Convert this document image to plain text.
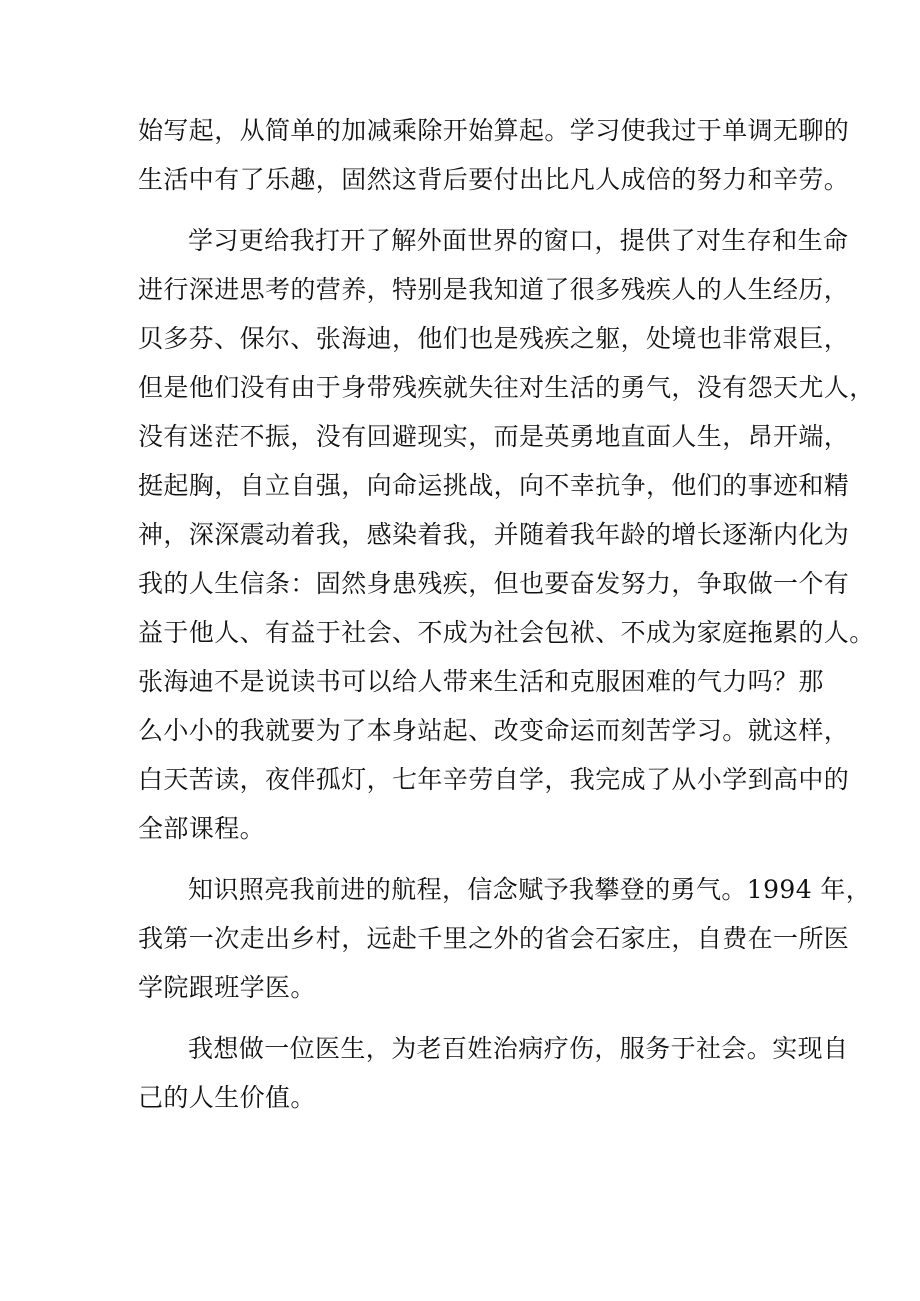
始写起，从简单的加减乘除开始算起。学习使我过于单调无聊的
生活中有了乐趣，固然这背后要付出比凡人成倍的努力和辛劳。
学习更给我打开了解外面世界的窗口，提供了对生存和生命
进行深进思考的营养，特别是我知道了很多残疾人的人生经历，
贝多芬、保尔、张海迪，他们也是残疾之躯，处境也非常艰巨，
但是他们没有由于身带残疾就失往对生活的勇气，没有怨天尤人，
没有迷茫不振，没有回避现实，而是英勇地直面人生，昂开端，
挺起胸，自立自强，向命运挑战，向不幸抗争，他们的事迹和精
神，深深震动着我，感染着我，并随着我年龄的增长逐渐内化为
我的人生信条：固然身患残疾，但也要奋发努力，争取做一个有
益于他人、有益于社会、不成为社会包袱、不成为家庭拖累的人。
张海迪不是说读书可以给人带来生活和克服困难的气力吗？那
么小小的我就要为了本身站起、改变命运而刻苦学习。就这样，
白天苦读，夜伴孤灯，七年辛劳自学，我完成了从小学到高中的
全部课程。
知识照亮我前进的航程，信念赋予我攀登的勇气。1994 年，
我第一次走出乡村，远赴千里之外的省会石家庄，自费在一所医
学院跟班学医。
我想做一位医生，为老百姓治病疗伤，服务于社会。实现自
己的人生价值。
